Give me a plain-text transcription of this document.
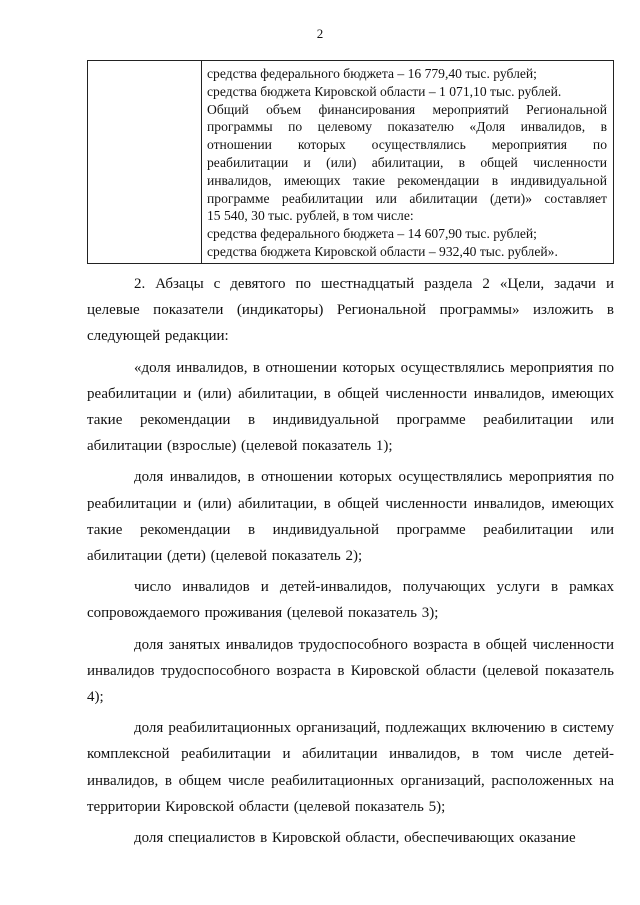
2

средства федерального бюджета – 16 779,40 тыс. рублей;
средства бюджета Кировской области – 1 071,10 тыс. рублей.
Общий объем финансирования мероприятий Региональной
программы по целевому показателю «Доля инвалидов, в
отношении которых осуществлялись мероприятия по
реабилитации и (или) абилитации, в общей численности
инвалидов, имеющих такие рекомендации в индивидуальной
программе реабилитации или абилитации (дети)» составляет
15 540, 30 тыс. рублей, в том числе:
средства федерального бюджета – 14 607,90 тыс. рублей;
средства бюджета Кировской области – 932,40 тыс. рублей».

2. Абзацы с девятого по шестнадцатый раздела 2 «Цели, задачи и целевые показатели (индикаторы) Региональной программы» изложить в следующей редакции:

«доля инвалидов, в отношении которых осуществлялись мероприятия по реабилитации и (или) абилитации, в общей численности инвалидов, имеющих такие рекомендации в индивидуальной программе реабилитации или абилитации (взрослые) (целевой показатель 1);

доля инвалидов, в отношении которых осуществлялись мероприятия по реабилитации и (или) абилитации, в общей численности инвалидов, имеющих такие рекомендации в индивидуальной программе реабилитации или абилитации (дети) (целевой показатель 2);

число инвалидов и детей-инвалидов, получающих услуги в рамках сопровождаемого проживания (целевой показатель 3);

доля занятых инвалидов трудоспособного возраста в общей численности инвалидов трудоспособного возраста в Кировской области (целевой показатель 4);

доля реабилитационных организаций, подлежащих включению в систему комплексной реабилитации и абилитации инвалидов, в том числе детей-инвалидов, в общем числе реабилитационных организаций, расположенных на территории Кировской области (целевой показатель 5);

доля специалистов в Кировской области, обеспечивающих оказание
